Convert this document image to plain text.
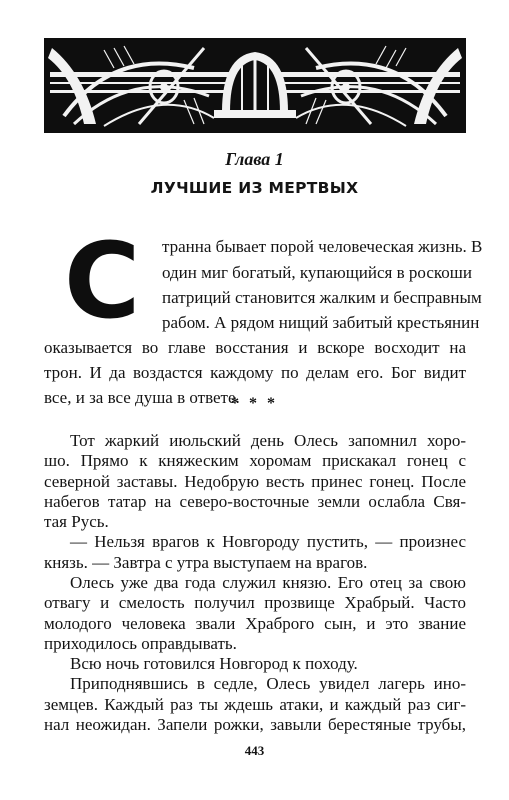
Глава 1
ЛУЧШИЕ ИЗ МЕРТВЫХ
С транна бывает порой человеческая жизнь. В
один миг богатый, купающийся в роскоши
патриций становится жалким и бесправным
рабом. А рядом нищий забитый крестьянин
оказывается во главе восстания и вскоре восходит на
трон. И да воздастся каждому по делам его. Бог видит
все, и за все душа в ответе.
* * *
Тот жаркий июльский день Олесь запомнил хоро-
шо. Прямо к княжеским хоромам прискакал гонец с
северной заставы. Недобрую весть принес гонец. После
набегов татар на северо-восточные земли ослабла Свя-
тая Русь.
— Нельзя врагов к Новгороду пустить, — произнес
князь. — Завтра с утра выступаем на врагов.
Олесь уже два года служил князю. Его отец за свою
отвагу и смелость получил прозвище Храбрый. Часто
молодого человека звали Храброго сын, и это звание
приходилось оправдывать.
443
Всю ночь готовился Новгород к походу.
Приподнявшись в седле, Олесь увидел лагерь ино-
земцев. Каждый раз ты ждешь атаки, и каждый раз сиг-
нал неожидан. Запели рожки, завыли берестяные трубы,
